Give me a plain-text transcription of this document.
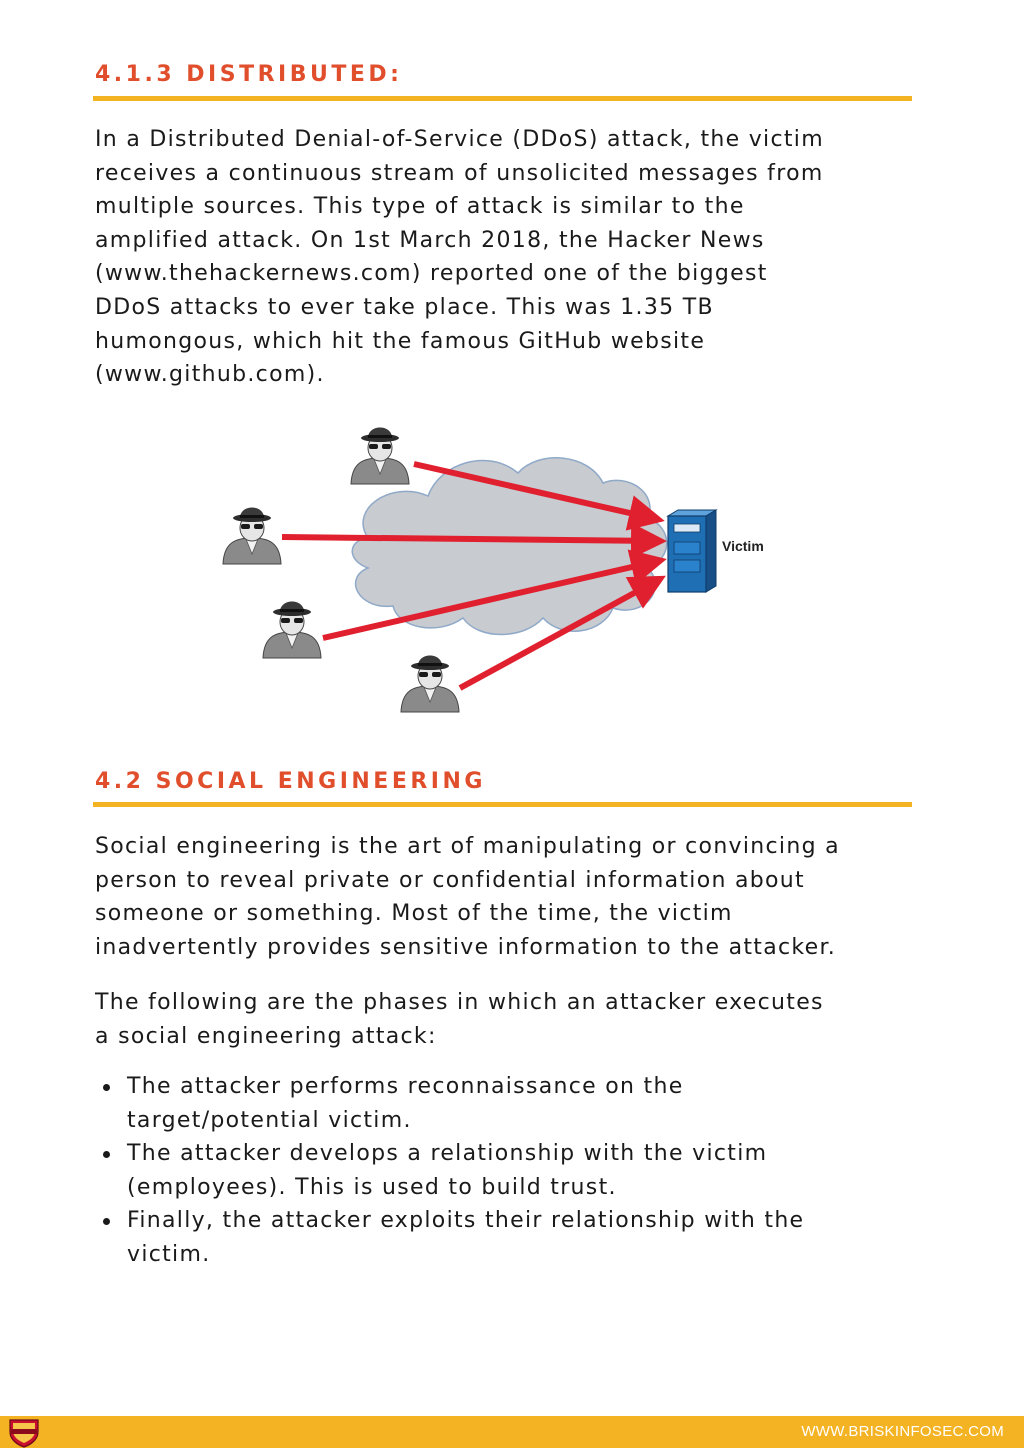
4.1.3 DISTRIBUTED:

In a Distributed Denial-of-Service (DDoS) attack, the victim
receives a continuous stream of unsolicited messages from
multiple sources. This type of attack is similar to the
amplified attack. On 1st March 2018, the Hacker News
(www.thehackernews.com) reported one of the biggest
DDoS attacks to ever take place. This was 1.35 TB
humongous, which hit the famous GitHub website
(www.github.com).

Victim
4.2 SOCIAL ENGINEERING

Social engineering is the art of manipulating or convincing a
person to reveal private or confidential information about
someone or something. Most of the time, the victim
inadvertently provides sensitive information to the attacker.

The following are the phases in which an attacker executes
a social engineering attack:

The attacker performs reconnaissance on the
target/potential victim.
The attacker develops a relationship with the victim
(employees). This is used to build trust.
Finally, the attacker exploits their relationship with the
victim.
WWW.BRISKINFOSEC.COM
